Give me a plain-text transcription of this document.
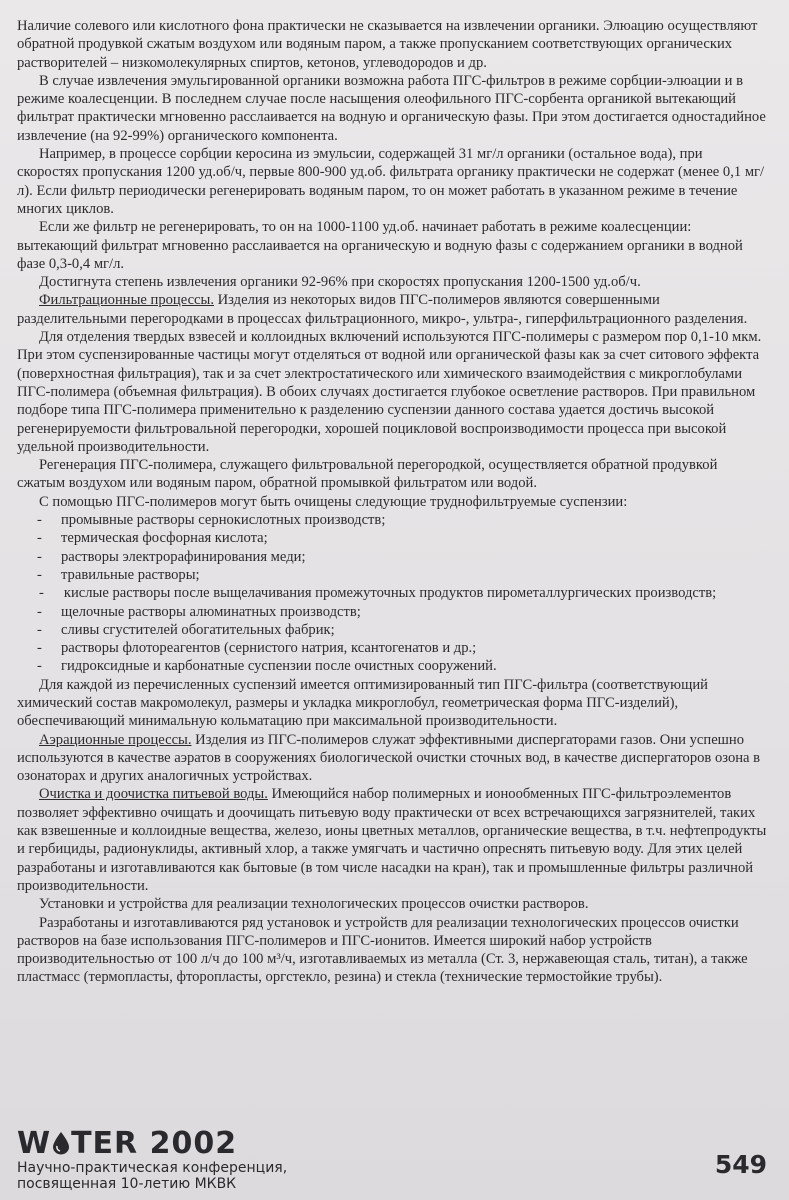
Наличие солевого или кислотного фона практически не сказывается на извлечении органики. Элюацию осуществляют обратной продувкой сжатым воздухом или водяным паром, а также пропусканием соответствующих органических растворителей – низкомолекулярных спиртов, кетонов, углеводородов и др.

В случае извлечения эмульгированной органики возможна работа ПГС-фильтров в режиме сорбции-элюации и в режиме коалесценции. В последнем случае после насыщения олеофильного ПГС-сорбента органикой вытекающий фильтрат практически мгновенно расслаивается на водную и органическую фазы. При этом достигается одностадийное извлечение (на 92-99%) органического компонента.

Например, в процессе сорбции керосина из эмульсии, содержащей 31 мг/л органики (остальное вода), при скоростях пропускания 1200 уд.об/ч, первые 800-900 уд.об. фильтрата органику практически не содержат (менее 0,1 мг/л). Если фильтр периодически регенерировать водяным паром, то он может работать в указанном режиме в течение многих циклов.

Если же фильтр не регенерировать, то он на 1000-1100 уд.об. начинает работать в режиме коалесценции: вытекающий фильтрат мгновенно расслаивается на органическую и водную фазы с содержанием органики в водной фазе 0,3-0,4 мг/л.

Достигнута степень извлечения органики 92-96% при скоростях пропускания 1200-1500 уд.об/ч.

Фильтрационные процессы. Изделия из некоторых видов ПГС-полимеров являются совершенными разделительными перегородками в процессах фильтрационного, микро-, ультра-, гиперфильтрационного разделения.

Для отделения твердых взвесей и коллоидных включений используются ПГС-полимеры с размером пор 0,1-10 мкм. При этом суспензированные частицы могут отделяться от водной или органической фазы как за счет ситового эффекта (поверхностная фильтрация), так и за счет электростатического или химического взаимодействия с микроглобулами ПГС-полимера (объемная фильтрация). В обоих случаях достигается глубокое осветление растворов. При правильном подборе типа ПГС-полимера применительно к разделению суспензии данного состава удается достичь высокой регенерируемости фильтровальной перегородки, хорошей поцикловой воспроизводимости процесса при высокой удельной производительности.

Регенерация ПГС-полимера, служащего фильтровальной перегородкой, осуществляется обратной продувкой сжатым воздухом или водяным паром, обратной промывкой фильтратом или водой.

С помощью ПГС-полимеров могут быть очищены следующие труднофильтруемые суспензии:

- промывные растворы сернокислотных производств;
- термическая фосфорная кислота;
- растворы электрорафинирования меди;
- травильные растворы;
- кислые растворы после выщелачивания промежуточных продуктов пирометаллургических производств;
- щелочные растворы алюминатных производств;
- сливы сгустителей обогатительных фабрик;
- растворы флотореагентов (сернистого натрия, ксантогенатов и др.;
- гидроксидные и карбонатные суспензии после очистных сооружений.

Для каждой из перечисленных суспензий имеется оптимизированный тип ПГС-фильтра (соответствующий химический состав макромолекул, размеры и укладка микроглобул, геометрическая форма ПГС-изделий), обеспечивающий минимальную кольматацию при максимальной производительности.

Аэрационные процессы. Изделия из ПГС-полимеров служат эффективными диспергаторами газов. Они успешно используются в качестве аэратов в сооружениях биологической очистки сточных вод, в качестве диспергаторов озона в озонаторах и других аналогичных устройствах.

Очистка и доочистка питьевой воды. Имеющийся набор полимерных и ионообменных ПГС-фильтроэлементов позволяет эффективно очищать и доочищать питьевую воду практически от всех встречающихся загрязнителей, таких как взвешенные и коллоидные вещества, железо, ионы цветных металлов, органические вещества, в т.ч. нефтепродукты и гербициды, радионуклиды, активный хлор, а также умягчать и частично опреснять питьевую воду. Для этих целей разработаны и изготавливаются как бытовые (в том числе насадки на кран), так и промышленные фильтры различной производительности.

Установки и устройства для реализации технологических процессов очистки растворов.

Разработаны и изготавливаются ряд установок и устройств для реализации технологических процессов очистки растворов на базе использования ПГС-полимеров и ПГС-ионитов. Имеется широкий набор устройств производительностью от 100 л/ч до 100 м³/ч, изготавливаемых из металла (Ст. 3, нержавеющая сталь, титан), а также пластмасс (термопласты, фторопласты, оргстекло, резина) и стекла (технические термостойкие трубы).

W TER 2002
Научно-практическая конференция,
посвященная 10-летию МКВК
549
